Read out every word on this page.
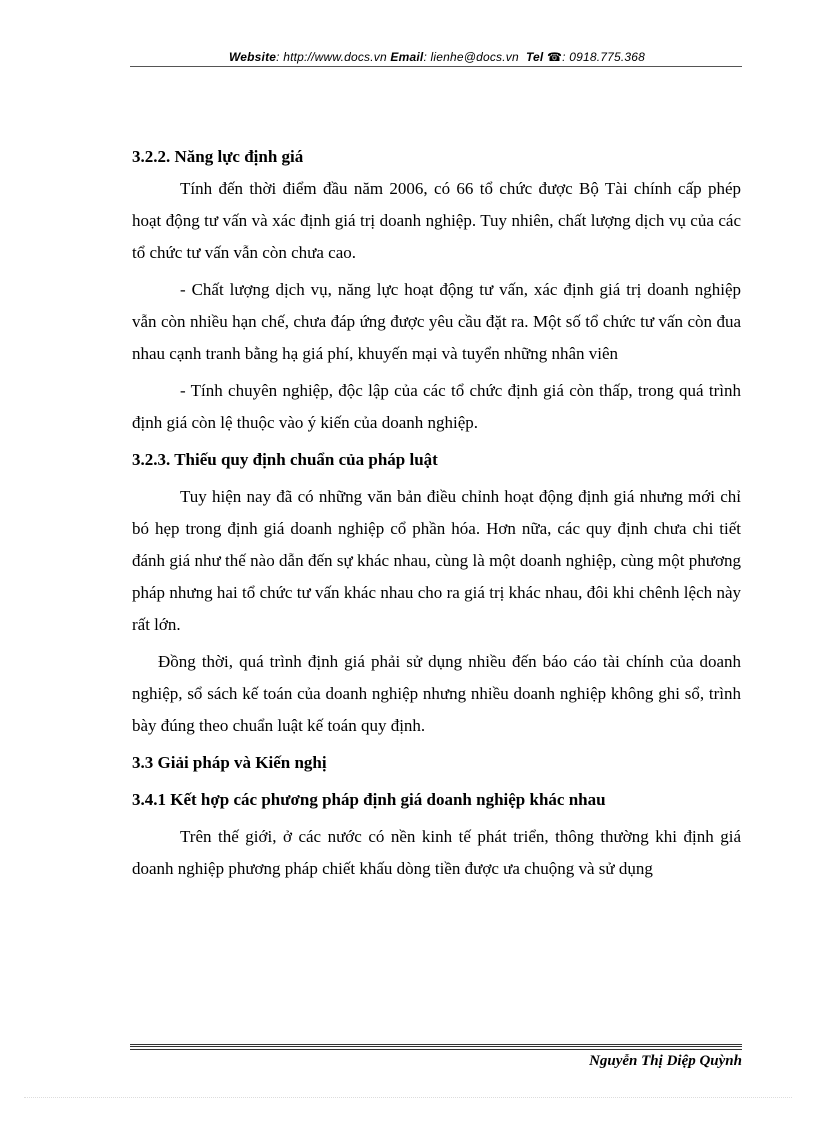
Website: http://www.docs.vn Email: lienhe@docs.vn Tel ☎: 0918.775.368

3.2.2. Năng lực định giá

Tính đến thời điểm đầu năm 2006, có 66 tổ chức được Bộ Tài chính cấp phép hoạt động tư vấn và xác định giá trị doanh nghiệp. Tuy nhiên, chất lượng dịch vụ của các tổ chức tư vấn vẫn còn chưa cao.

- Chất lượng dịch vụ, năng lực hoạt động tư vấn, xác định giá trị doanh nghiệp vẫn còn nhiều hạn chế, chưa đáp ứng được yêu cầu đặt ra. Một số tổ chức tư vấn còn đua nhau cạnh tranh bằng hạ giá phí, khuyến mại và tuyển những nhân viên

- Tính chuyên nghiệp, độc lập của các tổ chức định giá còn thấp, trong quá trình định giá còn lệ thuộc vào ý kiến của doanh nghiệp.

3.2.3. Thiếu quy định chuẩn của pháp luật

Tuy hiện nay đã có những văn bản điều chỉnh hoạt động định giá nhưng mới chỉ bó hẹp trong định giá doanh nghiệp cổ phần hóa. Hơn nữa, các quy định chưa chi tiết đánh giá như thế nào dẫn đến sự khác nhau, cùng là một doanh nghiệp, cùng một phương pháp nhưng hai tổ chức tư vấn khác nhau cho ra giá trị khác nhau, đôi khi chênh lệch này rất lớn.

Đồng thời, quá trình định giá phải sử dụng nhiều đến báo cáo tài chính của doanh nghiệp, sổ sách kế toán của doanh nghiệp nhưng nhiều doanh nghiệp không ghi sổ, trình bày đúng theo chuẩn luật kế toán quy định.

3.3 Giải pháp và Kiến nghị

3.4.1 Kết hợp các phương pháp định giá doanh nghiệp khác nhau

Trên thế giới, ở các nước có nền kinh tế phát triển, thông thường khi định giá doanh nghiệp phương pháp chiết khấu dòng tiền được ưa chuộng và sử dụng

Nguyễn Thị Diệp Quỳnh
